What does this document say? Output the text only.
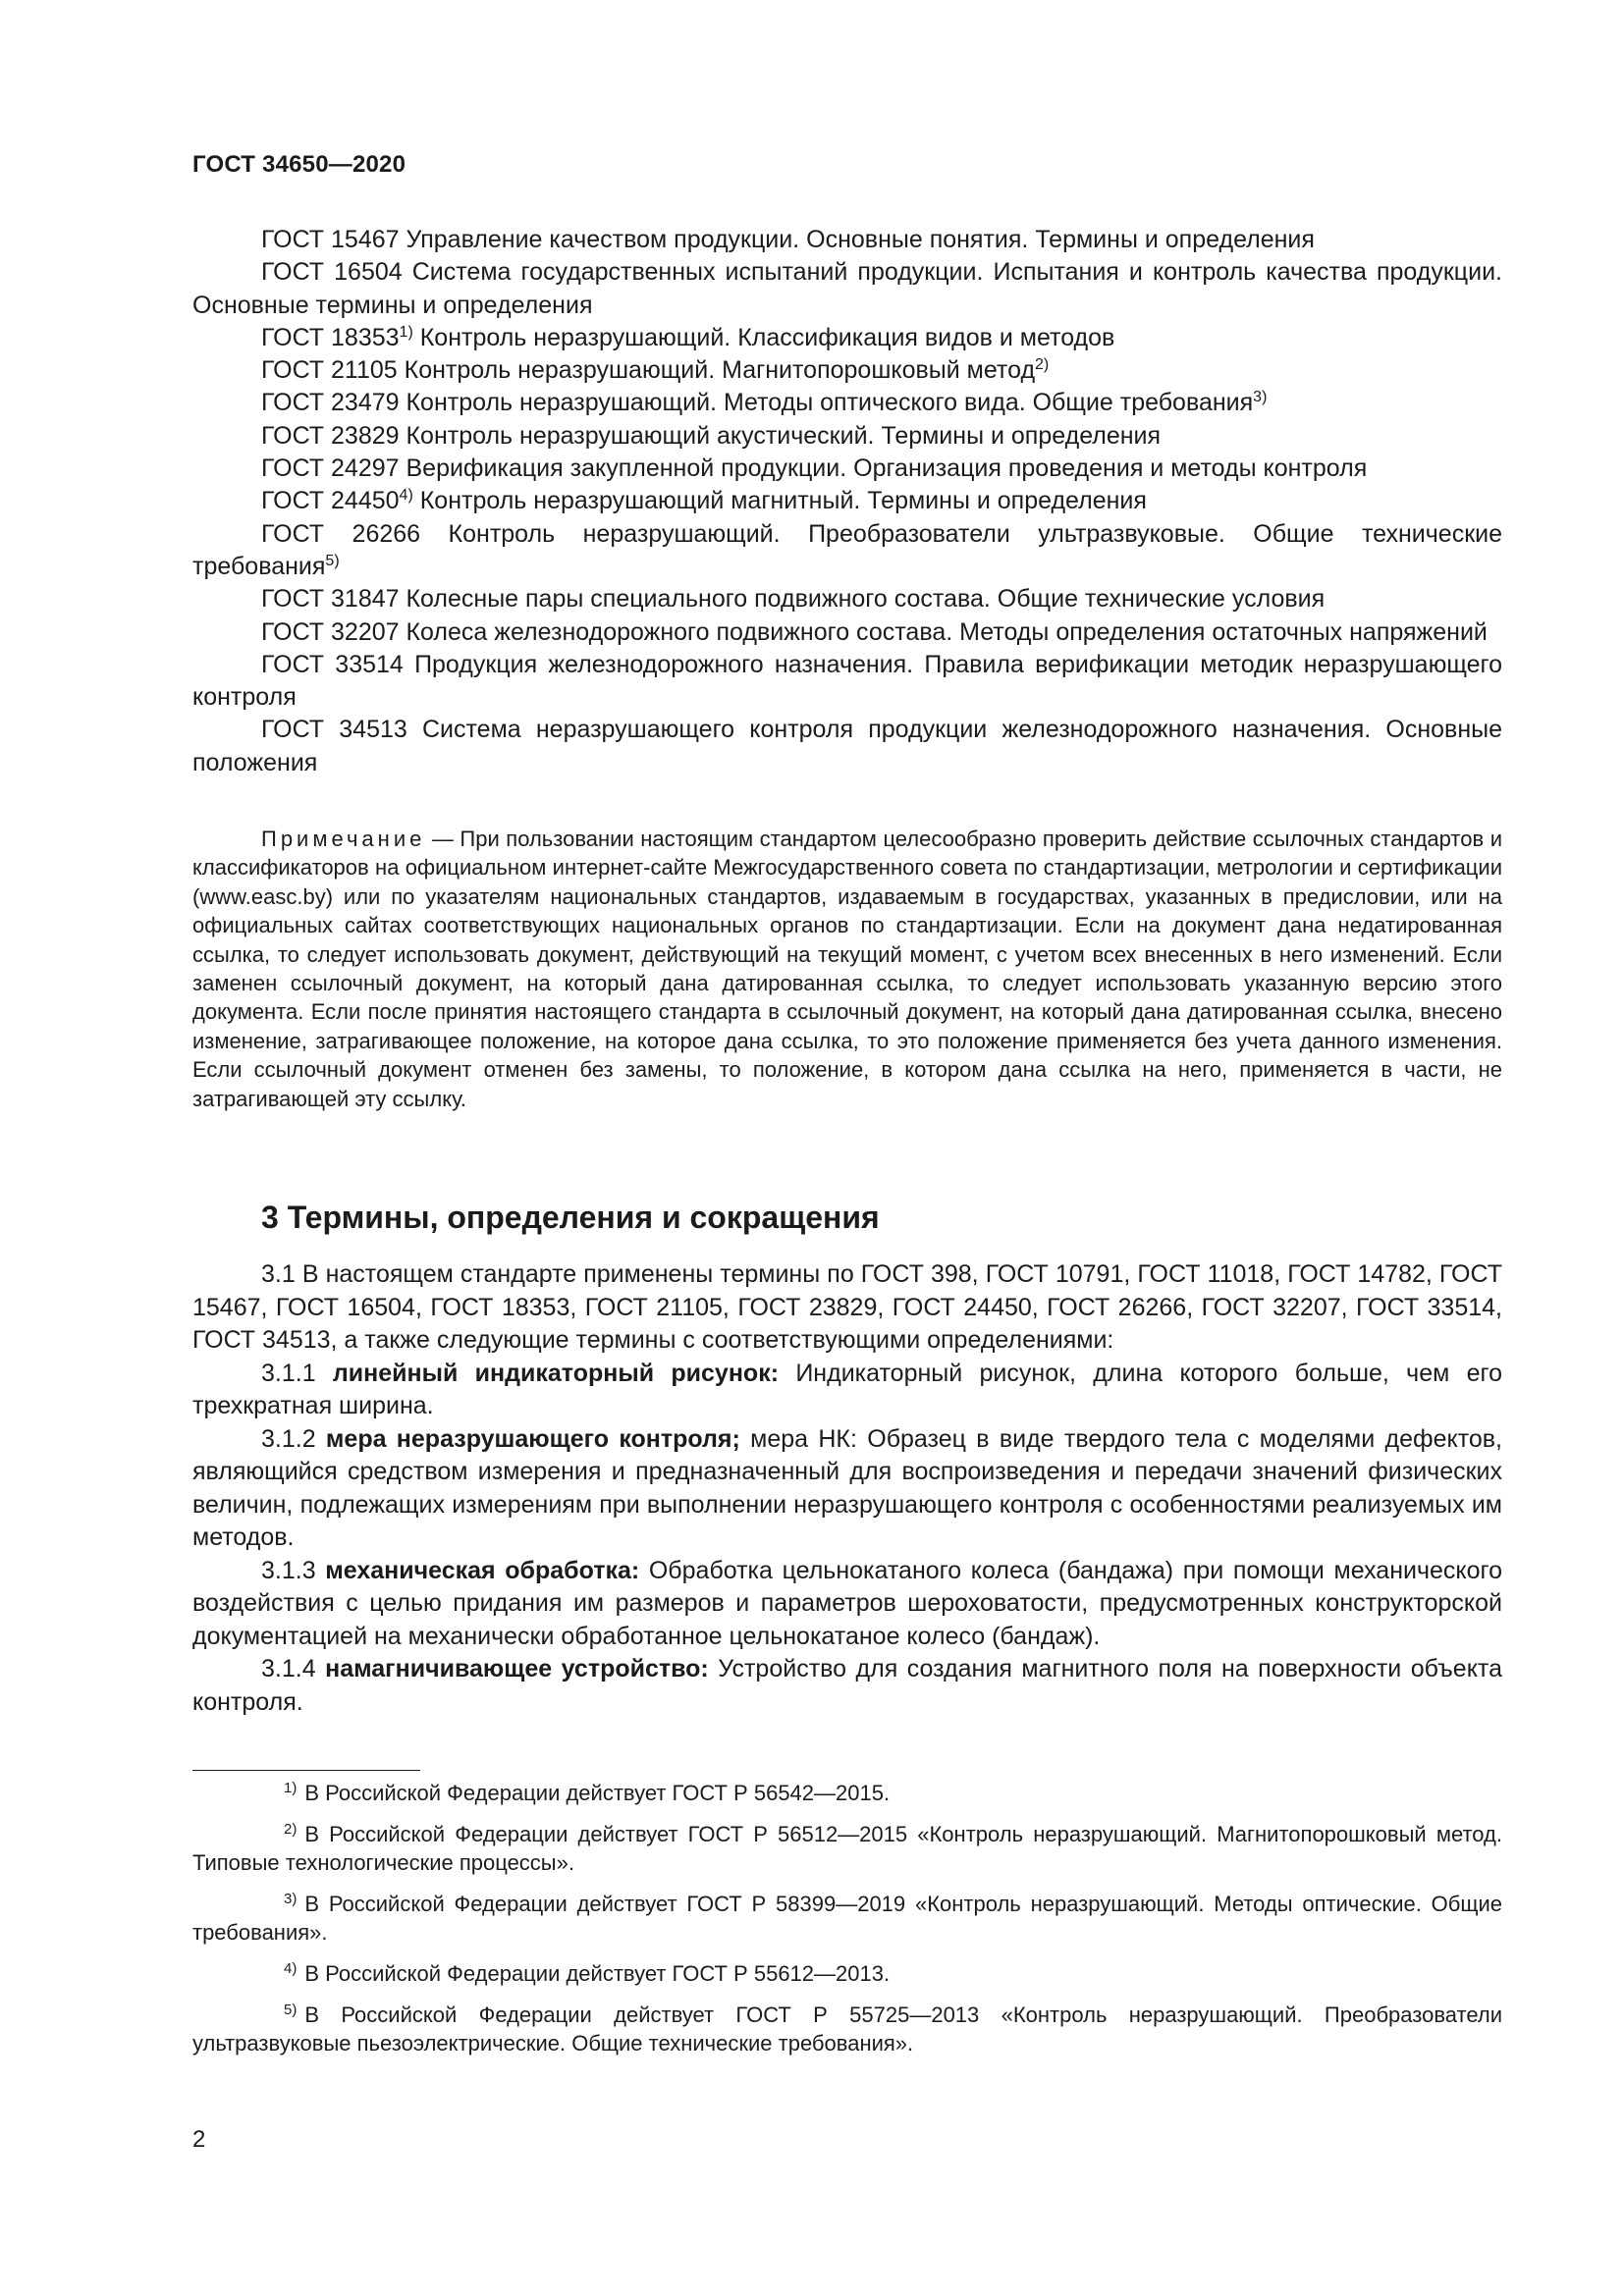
ГОСТ 34650—2020

ГОСТ 15467 Управление качеством продукции. Основные понятия. Термины и определения

ГОСТ 16504 Система государственных испытаний продукции. Испытания и контроль качества продукции. Основные термины и определения

ГОСТ 18353$^{1)}$ Контроль неразрушающий. Классификация видов и методов

ГОСТ 21105 Контроль неразрушающий. Магнитопорошковый метод$^{2)}$

ГОСТ 23479 Контроль неразрушающий. Методы оптического вида. Общие требования$^{3)}$

ГОСТ 23829 Контроль неразрушающий акустический. Термины и определения

ГОСТ 24297 Верификация закупленной продукции. Организация проведения и методы контроля

ГОСТ 24450$^{4)}$ Контроль неразрушающий магнитный. Термины и определения

ГОСТ 26266 Контроль неразрушающий. Преобразователи ультразвуковые. Общие технические требования$^{5)}$

ГОСТ 31847 Колесные пары специального подвижного состава. Общие технические условия

ГОСТ 32207 Колеса железнодорожного подвижного состава. Методы определения остаточных напряжений

ГОСТ 33514 Продукция железнодорожного назначения. Правила верификации методик неразрушающего контроля

ГОСТ 34513 Система неразрушающего контроля продукции железнодорожного назначения. Основные положения

Примечание — При пользовании настоящим стандартом целесообразно проверить действие ссылочных стандартов и классификаторов на официальном интернет-сайте Межгосударственного совета по стандартизации, метрологии и сертификации (www.easc.by) или по указателям национальных стандартов, издаваемым в государствах, указанных в предисловии, или на официальных сайтах соответствующих национальных органов по стандартизации. Если на документ дана недатированная ссылка, то следует использовать документ, действующий на текущий момент, с учетом всех внесенных в него изменений. Если заменен ссылочный документ, на который дана датированная ссылка, то следует использовать указанную версию этого документа. Если после принятия настоящего стандарта в ссылочный документ, на который дана датированная ссылка, внесено изменение, затрагивающее положение, на которое дана ссылка, то это положение применяется без учета данного изменения. Если ссылочный документ отменен без замены, то положение, в котором дана ссылка на него, применяется в части, не затрагивающей эту ссылку.
3 Термины, определения и сокращения

3.1 В настоящем стандарте применены термины по ГОСТ 398, ГОСТ 10791, ГОСТ 11018, ГОСТ 14782, ГОСТ 15467, ГОСТ 16504, ГОСТ 18353, ГОСТ 21105, ГОСТ 23829, ГОСТ 24450, ГОСТ 26266, ГОСТ 32207, ГОСТ 33514, ГОСТ 34513, а также следующие термины с соответствующими определениями:

3.1.1 линейный индикаторный рисунок: Индикаторный рисунок, длина которого больше, чем его трехкратная ширина.

3.1.2 мера неразрушающего контроля; мера НК: Образец в виде твердого тела с моделями дефектов, являющийся средством измерения и предназначенный для воспроизведения и передачи значений физических величин, подлежащих измерениям при выполнении неразрушающего контроля с особенностями реализуемых им методов.

3.1.3 механическая обработка: Обработка цельнокатаного колеса (бандажа) при помощи механического воздействия с целью придания им размеров и параметров шероховатости, предусмотренных конструкторской документацией на механически обработанное цельнокатаное колесо (бандаж).

3.1.4 намагничивающее устройство: Устройство для создания магнитного поля на поверхности объекта контроля.

$^{1)}$ В Российской Федерации действует ГОСТ Р 56542—2015.

$^{2)}$ В Российской Федерации действует ГОСТ Р 56512—2015 «Контроль неразрушающий. Магнитопорошковый метод. Типовые технологические процессы».

$^{3)}$ В Российской Федерации действует ГОСТ Р 58399—2019 «Контроль неразрушающий. Методы оптические. Общие требования».

$^{4)}$ В Российской Федерации действует ГОСТ Р 55612—2013.

$^{5)}$ В Российской Федерации действует ГОСТ Р 55725—2013 «Контроль неразрушающий. Преобразователи ультразвуковые пьезоэлектрические. Общие технические требования».

2
